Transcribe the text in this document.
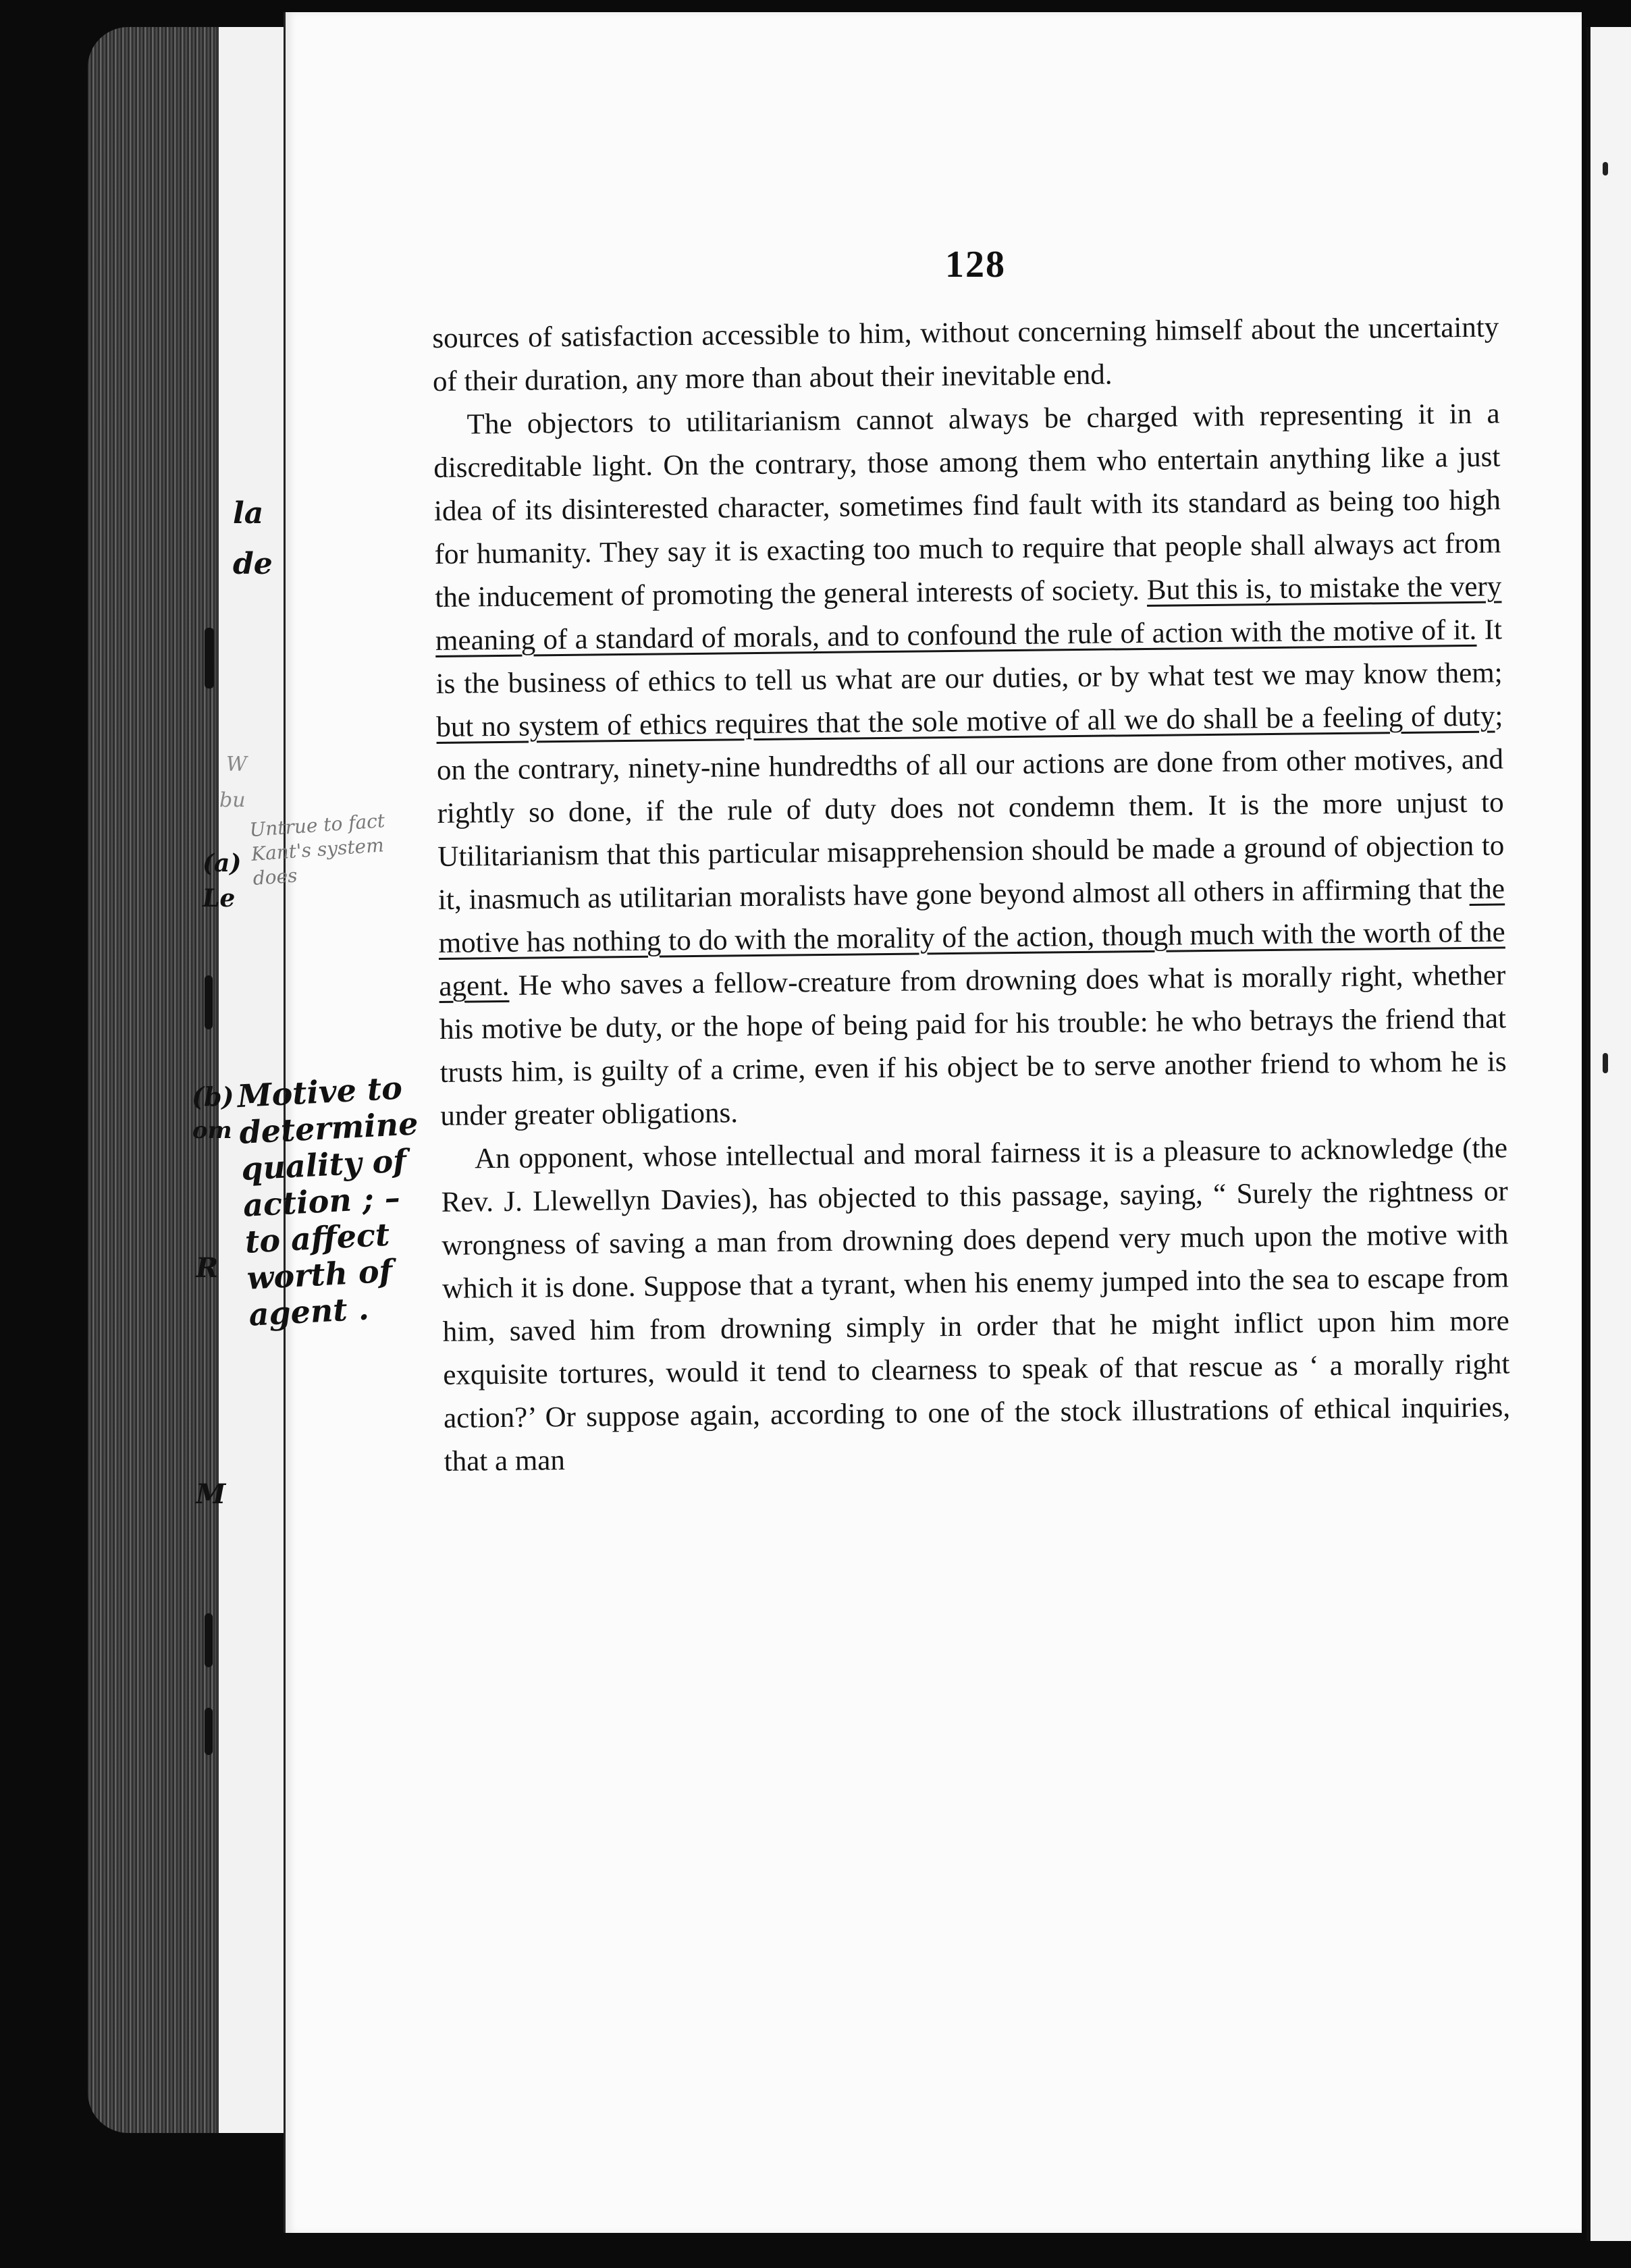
128

sources of satisfaction accessible to him, without concerning himself about the uncertainty of their duration, any more than about their inevitable end.

The objectors to utilitarianism cannot always be charged with representing it in a discreditable light. On the contrary, those among them who entertain anything like a just idea of its disinterested character, sometimes find fault with its standard as being too high for humanity. They say it is exacting too much to require that people shall always act from the inducement of promoting the general interests of society. But this is, to mistake the very meaning of a standard of morals, and to confound the rule of action with the motive of it. It is the business of ethics to tell us what are our duties, or by what test we may know them; but no system of ethics requires that the sole motive of all we do shall be a feeling of duty; on the contrary, ninety-nine hundredths of all our actions are done from other motives, and rightly so done, if the rule of duty does not condemn them. It is the more unjust to Utilitarianism that this particular misapprehension should be made a ground of objection to it, inasmuch as utilitarian moralists have gone beyond almost all others in affirming that the motive has nothing to do with the morality of the action, though much with the worth of the agent. He who saves a fellow-creature from drowning does what is morally right, whether his motive be duty, or the hope of being paid for his trouble: he who betrays the friend that trusts him, is guilty of a crime, even if his object be to serve another friend to whom he is under greater obligations.

An opponent, whose intellectual and moral fairness it is a pleasure to acknowledge (the Rev. J. Llewellyn Davies), has objected to this passage, saying, “ Surely the rightness or wrongness of saving a man from drowning does depend very much upon the motive with which it is done. Suppose that a tyrant, when his enemy jumped into the sea to escape from him, saved him from drowning simply in order that he might inflict upon him more exquisite tortures, would it tend to clearness to speak of that rescue as ‘ a morally right action?’ Or suppose again, according to one of the stock illustrations of ethical inquiries, that a man

Untrue to fact
Kant's system
does
Motive to
determine
quality of
action ; –
to affect
worth of
agent .
(b)
la
de
W
bu
(a)
Le
om
R
M
